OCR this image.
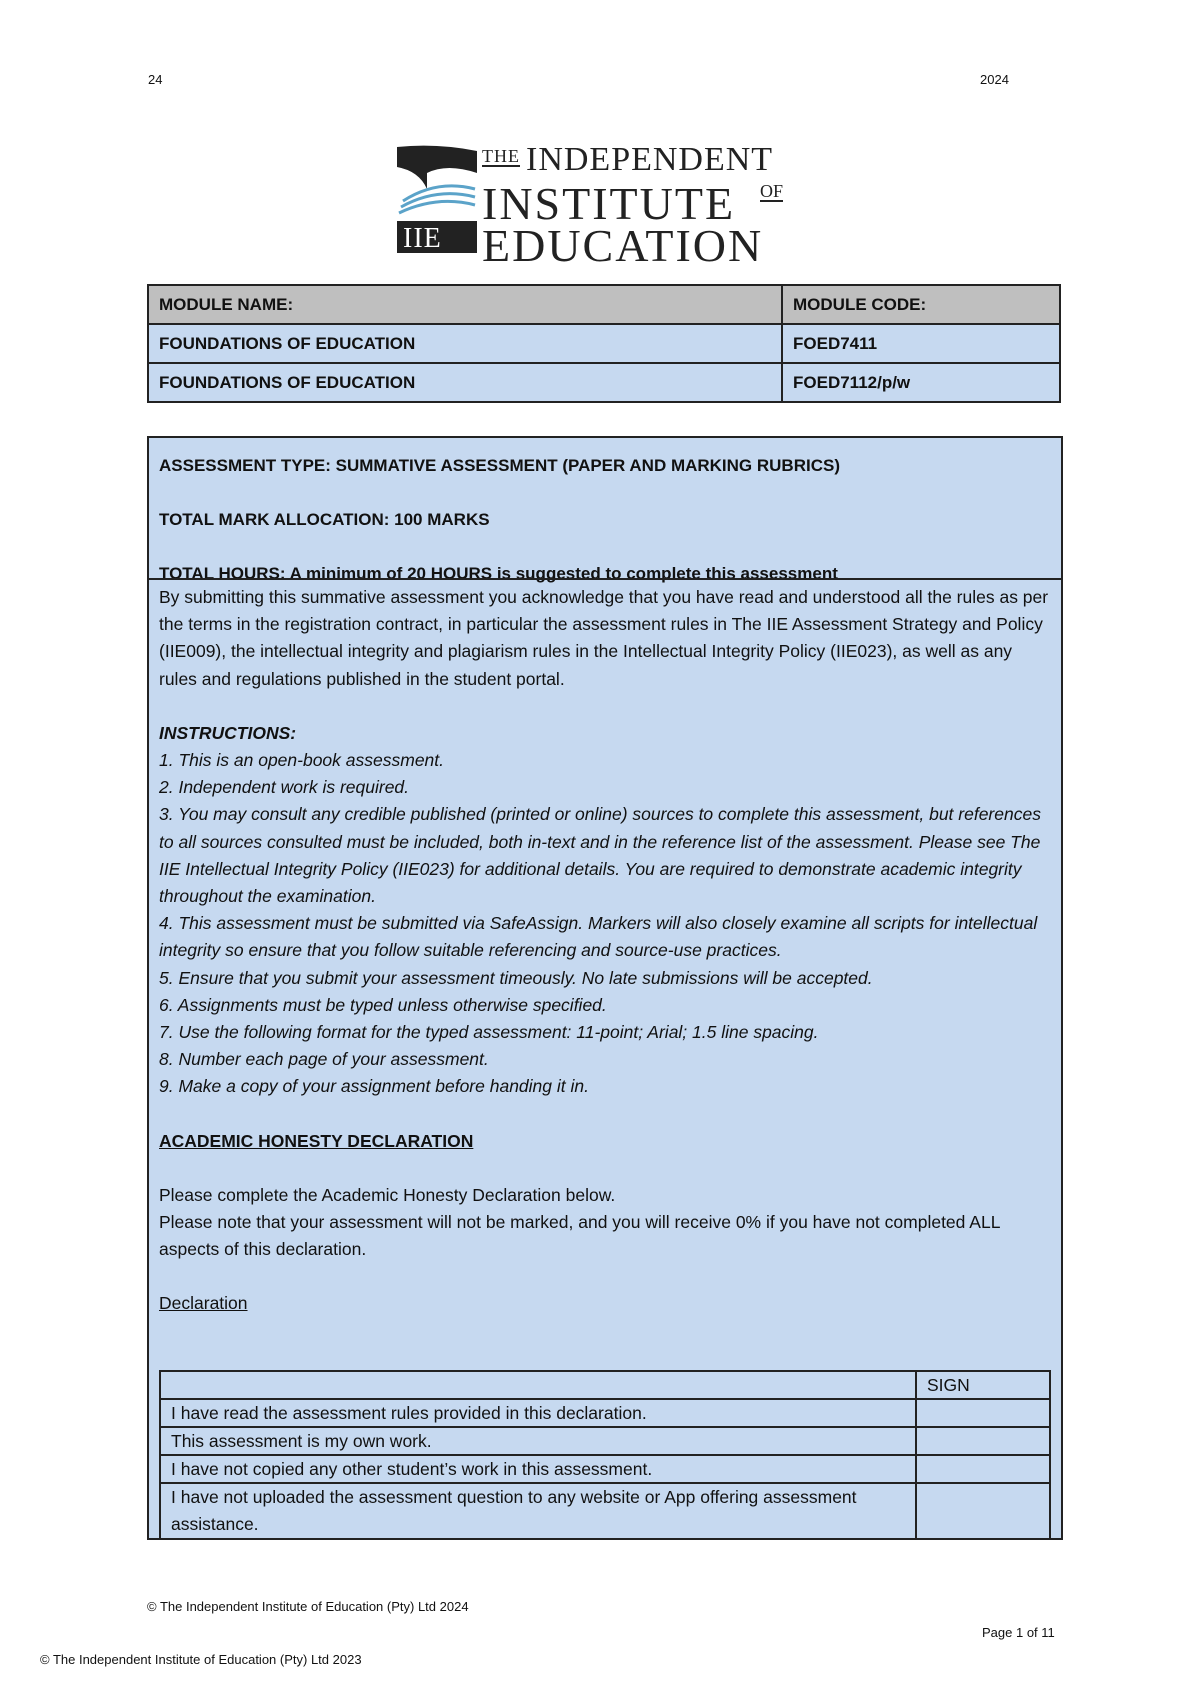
24	2024
IIE
THE INDEPENDENT
INSTITUTE OF
EDUCATION
MODULE NAME:	MODULE CODE:
FOUNDATIONS OF EDUCATION	FOED7411
FOUNDATIONS OF EDUCATION	FOED7112/p/w
ASSESSMENT TYPE: SUMMATIVE ASSESSMENT (PAPER AND MARKING RUBRICS)
TOTAL MARK ALLOCATION: 100 MARKS
TOTAL HOURS: A minimum of 20 HOURS is suggested to complete this assessment

By submitting this summative assessment you acknowledge that you have read and understood all the rules as per the terms in the registration contract, in particular the assessment rules in The IIE Assessment Strategy and Policy (IIE009), the intellectual integrity and plagiarism rules in the Intellectual Integrity Policy (IIE023), as well as any rules and regulations published in the student portal.

INSTRUCTIONS:

1. This is an open-book assessment.

2. Independent work is required.

3. You may consult any credible published (printed or online) sources to complete this assessment, but references to all sources consulted must be included, both in-text and in the reference list of the assessment. Please see The IIE Intellectual Integrity Policy (IIE023) for additional details. You are required to demonstrate academic integrity throughout the examination.

4. This assessment must be submitted via SafeAssign. Markers will also closely examine all scripts for intellectual integrity so ensure that you follow suitable referencing and source-use practices.

5. Ensure that you submit your assessment timeously. No late submissions will be accepted.

6. Assignments must be typed unless otherwise specified.

7. Use the following format for the typed assessment: 11-point; Arial; 1.5 line spacing.

8. Number each page of your assessment.

9. Make a copy of your assignment before handing it in.

ACADEMIC HONESTY DECLARATION

Please complete the Academic Honesty Declaration below.

Please note that your assessment will not be marked, and you will receive 0% if you have not completed ALL aspects of this declaration.

Declaration

	SIGN
I have read the assessment rules provided in this declaration.	
This assessment is my own work.	
I have not copied any other student’s work in this assessment.	
I have not uploaded the assessment question to any website or App offering assessment assistance.	
© The Independent Institute of Education (Pty) Ltd 2024
Page 1 of 11
© The Independent Institute of Education (Pty) Ltd 2023
